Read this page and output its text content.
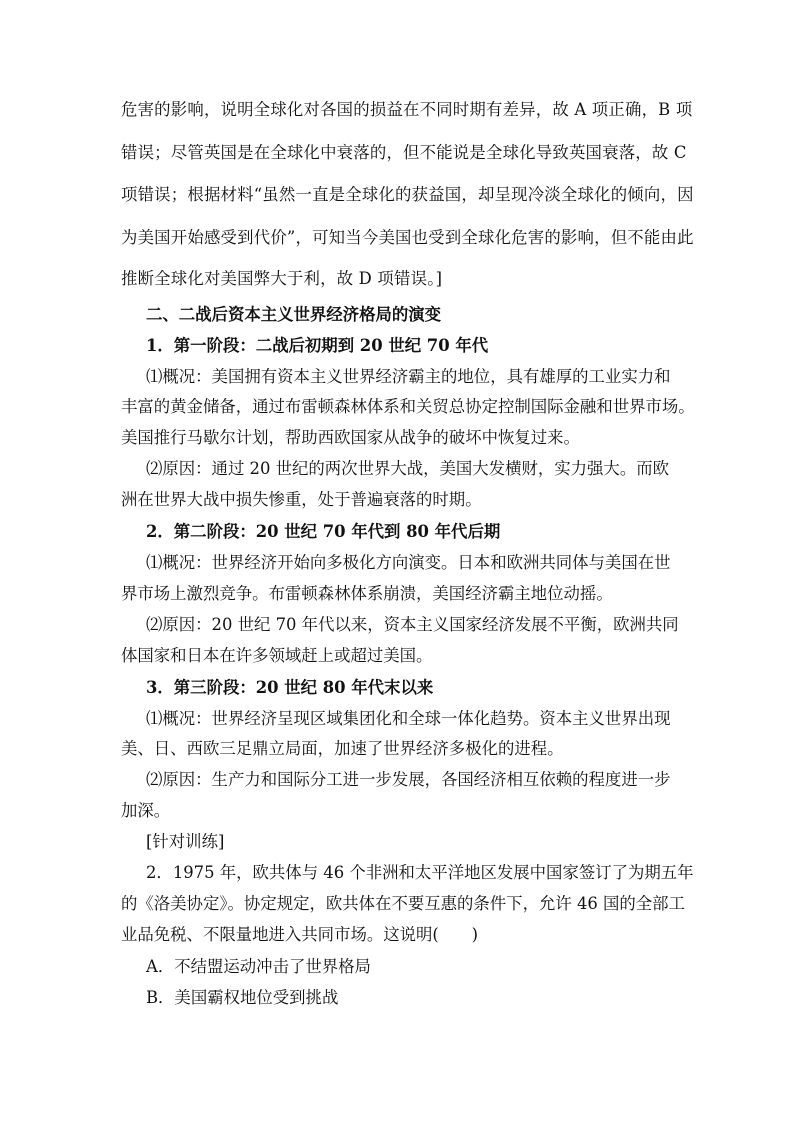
危害的影响，说明全球化对各国的损益在不同时期有差异，故 A 项正确，B 项
错误；尽管英国是在全球化中衰落的，但不能说是全球化导致英国衰落，故 C
项错误；根据材料“虽然一直是全球化的获益国，却呈现冷淡全球化的倾向，因
为美国开始感受到代价”，可知当今美国也受到全球化危害的影响，但不能由此
推断全球化对美国弊大于利，故 D 项错误。]
二、二战后资本主义世界经济格局的演变
1．第一阶段：二战后初期到 20 世纪 70 年代
⑴概况：美国拥有资本主义世界经济霸主的地位，具有雄厚的工业实力和
丰富的黄金储备，通过布雷顿森林体系和关贸总协定控制国际金融和世界市场。
美国推行马歇尔计划，帮助西欧国家从战争的破坏中恢复过来。
⑵原因：通过 20 世纪的两次世界大战，美国大发横财，实力强大。而欧
洲在世界大战中损失惨重，处于普遍衰落的时期。
2．第二阶段：20 世纪 70 年代到 80 年代后期
⑴概况：世界经济开始向多极化方向演变。日本和欧洲共同体与美国在世
界市场上激烈竞争。布雷顿森林体系崩溃，美国经济霸主地位动摇。
⑵原因：20 世纪 70 年代以来，资本主义国家经济发展不平衡，欧洲共同
体国家和日本在许多领域赶上或超过美国。
3．第三阶段：20 世纪 80 年代末以来
⑴概况：世界经济呈现区域集团化和全球一体化趋势。资本主义世界出现
美、日、西欧三足鼎立局面，加速了世界经济多极化的进程。
⑵原因：生产力和国际分工进一步发展，各国经济相互依赖的程度进一步
加深。
[针对训练]
2．1975 年，欧共体与 46 个非洲和太平洋地区发展中国家签订了为期五年
的《洛美协定》。协定规定，欧共体在不要互惠的条件下，允许 46 国的全部工
业品免税、不限量地进入共同市场。这说明(　　)
A．不结盟运动冲击了世界格局
B．美国霸权地位受到挑战
